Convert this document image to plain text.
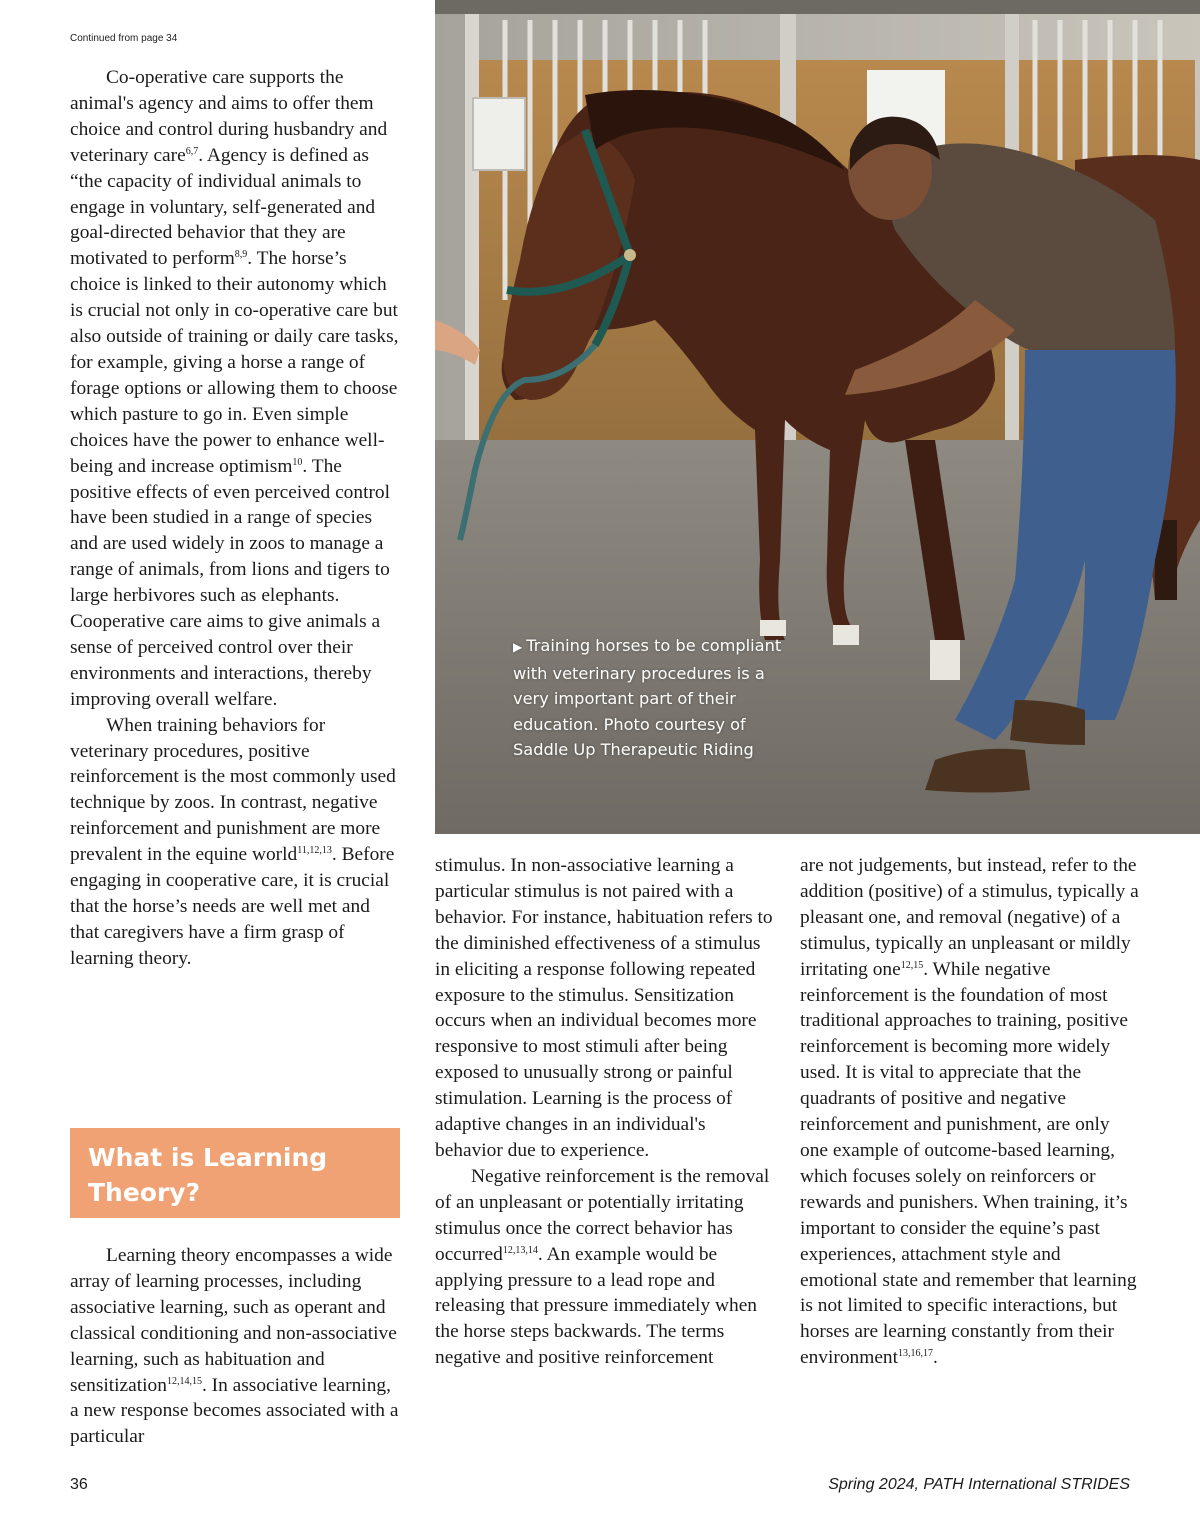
Continued from page 34

Co-operative care supports the animal's agency and aims to offer them choice and control during husbandry and veterinary care$^{6,7}$. Agency is defined as “the capacity of individual animals to engage in voluntary, self-generated and goal-directed behavior that they are motivated to perform$^{8,9}$. The horse’s choice is linked to their autonomy which is crucial not only in co-operative care but also outside of training or daily care tasks, for example, giving a horse a range of forage options or allowing them to choose which pasture to go in. Even simple choices have the power to enhance well-being and increase optimism$^{10}$. The positive effects of even perceived control have been studied in a range of species and are used widely in zoos to manage a range of animals, from lions and tigers to large herbivores such as elephants. Cooperative care aims to give animals a sense of perceived control over their environments and interactions, thereby improving overall welfare.

When training behaviors for veterinary procedures, positive reinforcement is the most commonly used technique by zoos. In contrast, negative reinforcement and punishment are more prevalent in the equine world$^{11,12,13}$. Before engaging in cooperative care, it is crucial that the horse’s needs are well met and that caregivers have a firm grasp of learning theory.

What is Learning Theory?

Learning theory encompasses a wide array of learning processes, including associative learning, such as operant and classical conditioning and non-associative learning, such as habituation and sensitization$^{12,14,15}$. In associative learning, a new response becomes associated with a particular

▶ Training horses to be compliant with veterinary procedures is a very important part of their education. Photo courtesy of Saddle Up Therapeutic Riding

stimulus. In non-associative learning a particular stimulus is not paired with a behavior. For instance, habituation refers to the diminished effectiveness of a stimulus in eliciting a response following repeated exposure to the stimulus. Sensitization occurs when an individual becomes more responsive to most stimuli after being exposed to unusually strong or painful stimulation. Learning is the process of adaptive changes in an individual's behavior due to experience.

Negative reinforcement is the removal of an unpleasant or potentially irritating stimulus once the correct behavior has occurred$^{12,13,14}$. An example would be applying pressure to a lead rope and releasing that pressure immediately when the horse steps backwards. The terms negative and positive reinforcement

are not judgements, but instead, refer to the addition (positive) of a stimulus, typically a pleasant one, and removal (negative) of a stimulus, typically an unpleasant or mildly irritating one$^{12,15}$. While negative reinforcement is the foundation of most traditional approaches to training, positive reinforcement is becoming more widely used. It is vital to appreciate that the quadrants of positive and negative reinforcement and punishment, are only one example of outcome-based learning, which focuses solely on reinforcers or rewards and punishers. When training, it’s important to consider the equine’s past experiences, attachment style and emotional state and remember that learning is not limited to specific interactions, but horses are learning constantly from their environment$^{13,16,17}$.

36	Spring 2024, PATH International STRIDES
